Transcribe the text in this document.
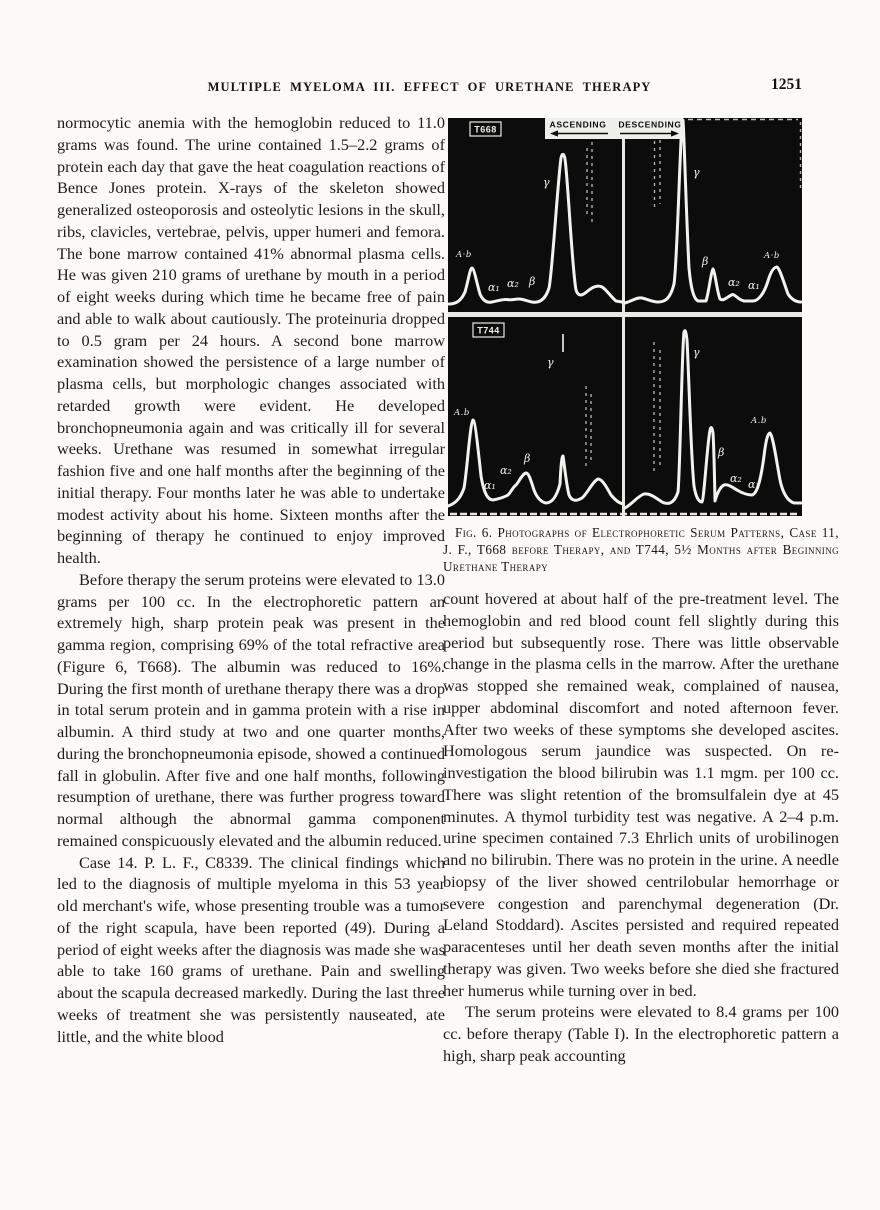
MULTIPLE MYELOMA III. EFFECT OF URETHANE THERAPY	1251

normocytic anemia with the hemoglobin reduced to 11.0 grams was found. The urine contained 1.5–2.2 grams of protein each day that gave the heat coagulation reactions of Bence Jones protein. X-rays of the skeleton showed generalized osteoporosis and osteolytic lesions in the skull, ribs, clavicles, vertebrae, pelvis, upper humeri and femora. The bone marrow contained 41% abnormal plasma cells. He was given 210 grams of urethane by mouth in a period of eight weeks during which time he became free of pain and able to walk about cautiously. The proteinuria dropped to 0.5 gram per 24 hours. A second bone marrow examination showed the persistence of a large number of plasma cells, but morphologic changes associated with retarded growth were evident. He developed bronchopneumonia again and was critically ill for several weeks. Urethane was resumed in somewhat irregular fashion five and one half months after the beginning of the initial therapy. Four months later he was able to undertake modest activity about his home. Sixteen months after the beginning of therapy he continued to enjoy improved health.

Before therapy the serum proteins were elevated to 13.0 grams per 100 cc. In the electrophoretic pattern an extremely high, sharp protein peak was present in the gamma region, comprising 69% of the total refractive area (Figure 6, T668). The albumin was reduced to 16%. During the first month of urethane therapy there was a drop in total serum protein and in gamma protein with a rise in albumin. A third study at two and one quarter months, during the bronchopneumonia episode, showed a continued fall in globulin. After five and one half months, following resumption of urethane, there was further progress toward normal although the abnormal gamma component remained conspicuously elevated and the albumin reduced.

Case 14. P. L. F., C8339. The clinical findings which led to the diagnosis of multiple myeloma in this 53 year old merchant's wife, whose presenting trouble was a tumor of the right scapula, have been reported (49). During a period of eight weeks after the diagnosis was made she was able to take 160 grams of urethane. Pain and swelling about the scapula decreased markedly. During the last three weeks of treatment she was persistently nauseated, ate little, and the white blood

ASCENDING DESCENDING
T668
T744
A·b
α₁ α₂ β
γ
A·b
α₁
α₂
β
γ
A.b
α₁
α₂
β
γ
A.b
α₁
α₂
β
γ
Fig. 6. Photographs of Electrophoretic Serum Patterns, Case 11, J. F., T668 before Therapy, and T744, 5½ Months after Beginning Urethane Therapy

count hovered at about half of the pre-treatment level. The hemoglobin and red blood count fell slightly during this period but subsequently rose. There was little observable change in the plasma cells in the marrow. After the urethane was stopped she remained weak, complained of nausea, upper abdominal discomfort and noted afternoon fever. After two weeks of these symptoms she developed ascites. Homologous serum jaundice was suspected. On re-investigation the blood bilirubin was 1.1 mgm. per 100 cc. There was slight retention of the bromsulfalein dye at 45 minutes. A thymol turbidity test was negative. A 2–4 p.m. urine specimen contained 7.3 Ehrlich units of urobilinogen and no bilirubin. There was no protein in the urine. A needle biopsy of the liver showed centrilobular hemorrhage or severe congestion and parenchymal degeneration (Dr. Leland Stoddard). Ascites persisted and required repeated paracenteses until her death seven months after the initial therapy was given. Two weeks before she died she fractured her humerus while turning over in bed.

The serum proteins were elevated to 8.4 grams per 100 cc. before therapy (Table I). In the electrophoretic pattern a high, sharp peak accounting
